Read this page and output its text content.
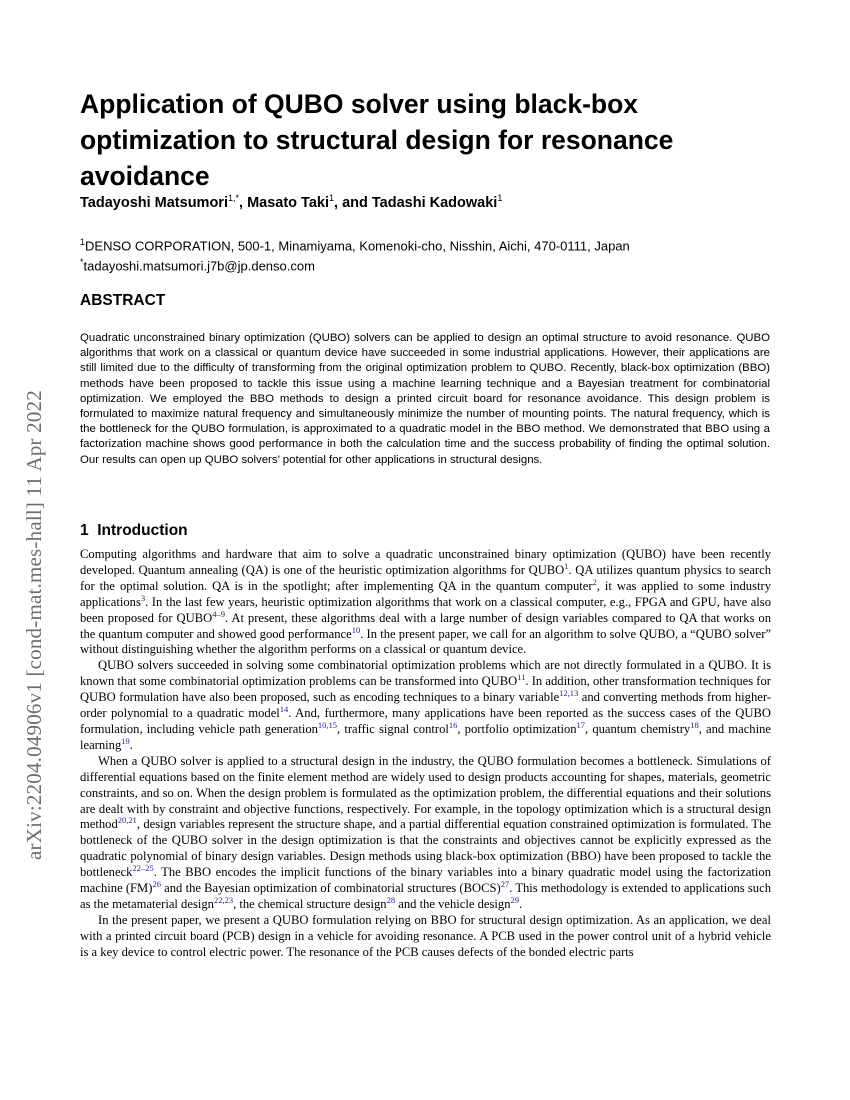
arXiv:2204.04906v1 [cond-mat.mes-hall] 11 Apr 2022
Application of QUBO solver using black-box optimization to structural design for resonance avoidance
Tadayoshi Matsumori$^{1,*}$, Masato Taki$^1$, and Tadashi Kadowaki$^1$
$^1$DENSO CORPORATION, 500-1, Minamiyama, Komenoki-cho, Nisshin, Aichi, 470-0111, Japan
*tadayoshi.matsumori.j7b@jp.denso.com
ABSTRACT

Quadratic unconstrained binary optimization (QUBO) solvers can be applied to design an optimal structure to avoid resonance. QUBO algorithms that work on a classical or quantum device have succeeded in some industrial applications. However, their applications are still limited due to the difficulty of transforming from the original optimization problem to QUBO. Recently, black-box optimization (BBO) methods have been proposed to tackle this issue using a machine learning technique and a Bayesian treatment for combinatorial optimization. We employed the BBO methods to design a printed circuit board for resonance avoidance. This design problem is formulated to maximize natural frequency and simultaneously minimize the number of mounting points. The natural frequency, which is the bottleneck for the QUBO formulation, is approximated to a quadratic model in the BBO method. We demonstrated that BBO using a factorization machine shows good performance in both the calculation time and the success probability of finding the optimal solution. Our results can open up QUBO solvers’ potential for other applications in structural designs.

1 Introduction

Computing algorithms and hardware that aim to solve a quadratic unconstrained binary optimization (QUBO) have been recently developed. Quantum annealing (QA) is one of the heuristic optimization algorithms for QUBO$^1$. QA utilizes quantum physics to search for the optimal solution. QA is in the spotlight; after implementing QA in the quantum computer$^2$, it was applied to some industry applications$^3$. In the last few years, heuristic optimization algorithms that work on a classical computer, e.g., FPGA and GPU, have also been proposed for QUBO$^{4-9}$. At present, these algorithms deal with a large number of design variables compared to QA that works on the quantum computer and showed good performance$^{10}$. In the present paper, we call for an algorithm to solve QUBO, a “QUBO solver” without distinguishing whether the algorithm performs on a classical or quantum device.

QUBO solvers succeeded in solving some combinatorial optimization problems which are not directly formulated in a QUBO. It is known that some combinatorial optimization problems can be transformed into QUBO$^{11}$. In addition, other transformation techniques for QUBO formulation have also been proposed, such as encoding techniques to a binary variable$^{12,13}$ and converting methods from higher-order polynomial to a quadratic model$^{14}$. And, furthermore, many applications have been reported as the success cases of the QUBO formulation, including vehicle path generation$^{10,15}$, traffic signal control$^{16}$, portfolio optimization$^{17}$, quantum chemistry$^{18}$, and machine learning$^{19}$.

When a QUBO solver is applied to a structural design in the industry, the QUBO formulation becomes a bottleneck. Simulations of differential equations based on the finite element method are widely used to design products accounting for shapes, materials, geometric constraints, and so on. When the design problem is formulated as the optimization problem, the differential equations and their solutions are dealt with by constraint and objective functions, respectively. For example, in the topology optimization which is a structural design method$^{20,21}$, design variables represent the structure shape, and a partial differential equation constrained optimization is formulated. The bottleneck of the QUBO solver in the design optimization is that the constraints and objectives cannot be explicitly expressed as the quadratic polynomial of binary design variables. Design methods using black-box optimization (BBO) have been proposed to tackle the bottleneck$^{22-25}$. The BBO encodes the implicit functions of the binary variables into a binary quadratic model using the factorization machine (FM)$^{26}$ and the Bayesian optimization of combinatorial structures (BOCS)$^{27}$. This methodology is extended to applications such as the metamaterial design$^{22,23}$, the chemical structure design$^{28}$ and the vehicle design$^{29}$.

In the present paper, we present a QUBO formulation relying on BBO for structural design optimization. As an application, we deal with a printed circuit board (PCB) design in a vehicle for avoiding resonance. A PCB used in the power control unit of a hybrid vehicle is a key device to control electric power. The resonance of the PCB causes defects of the bonded electric parts
